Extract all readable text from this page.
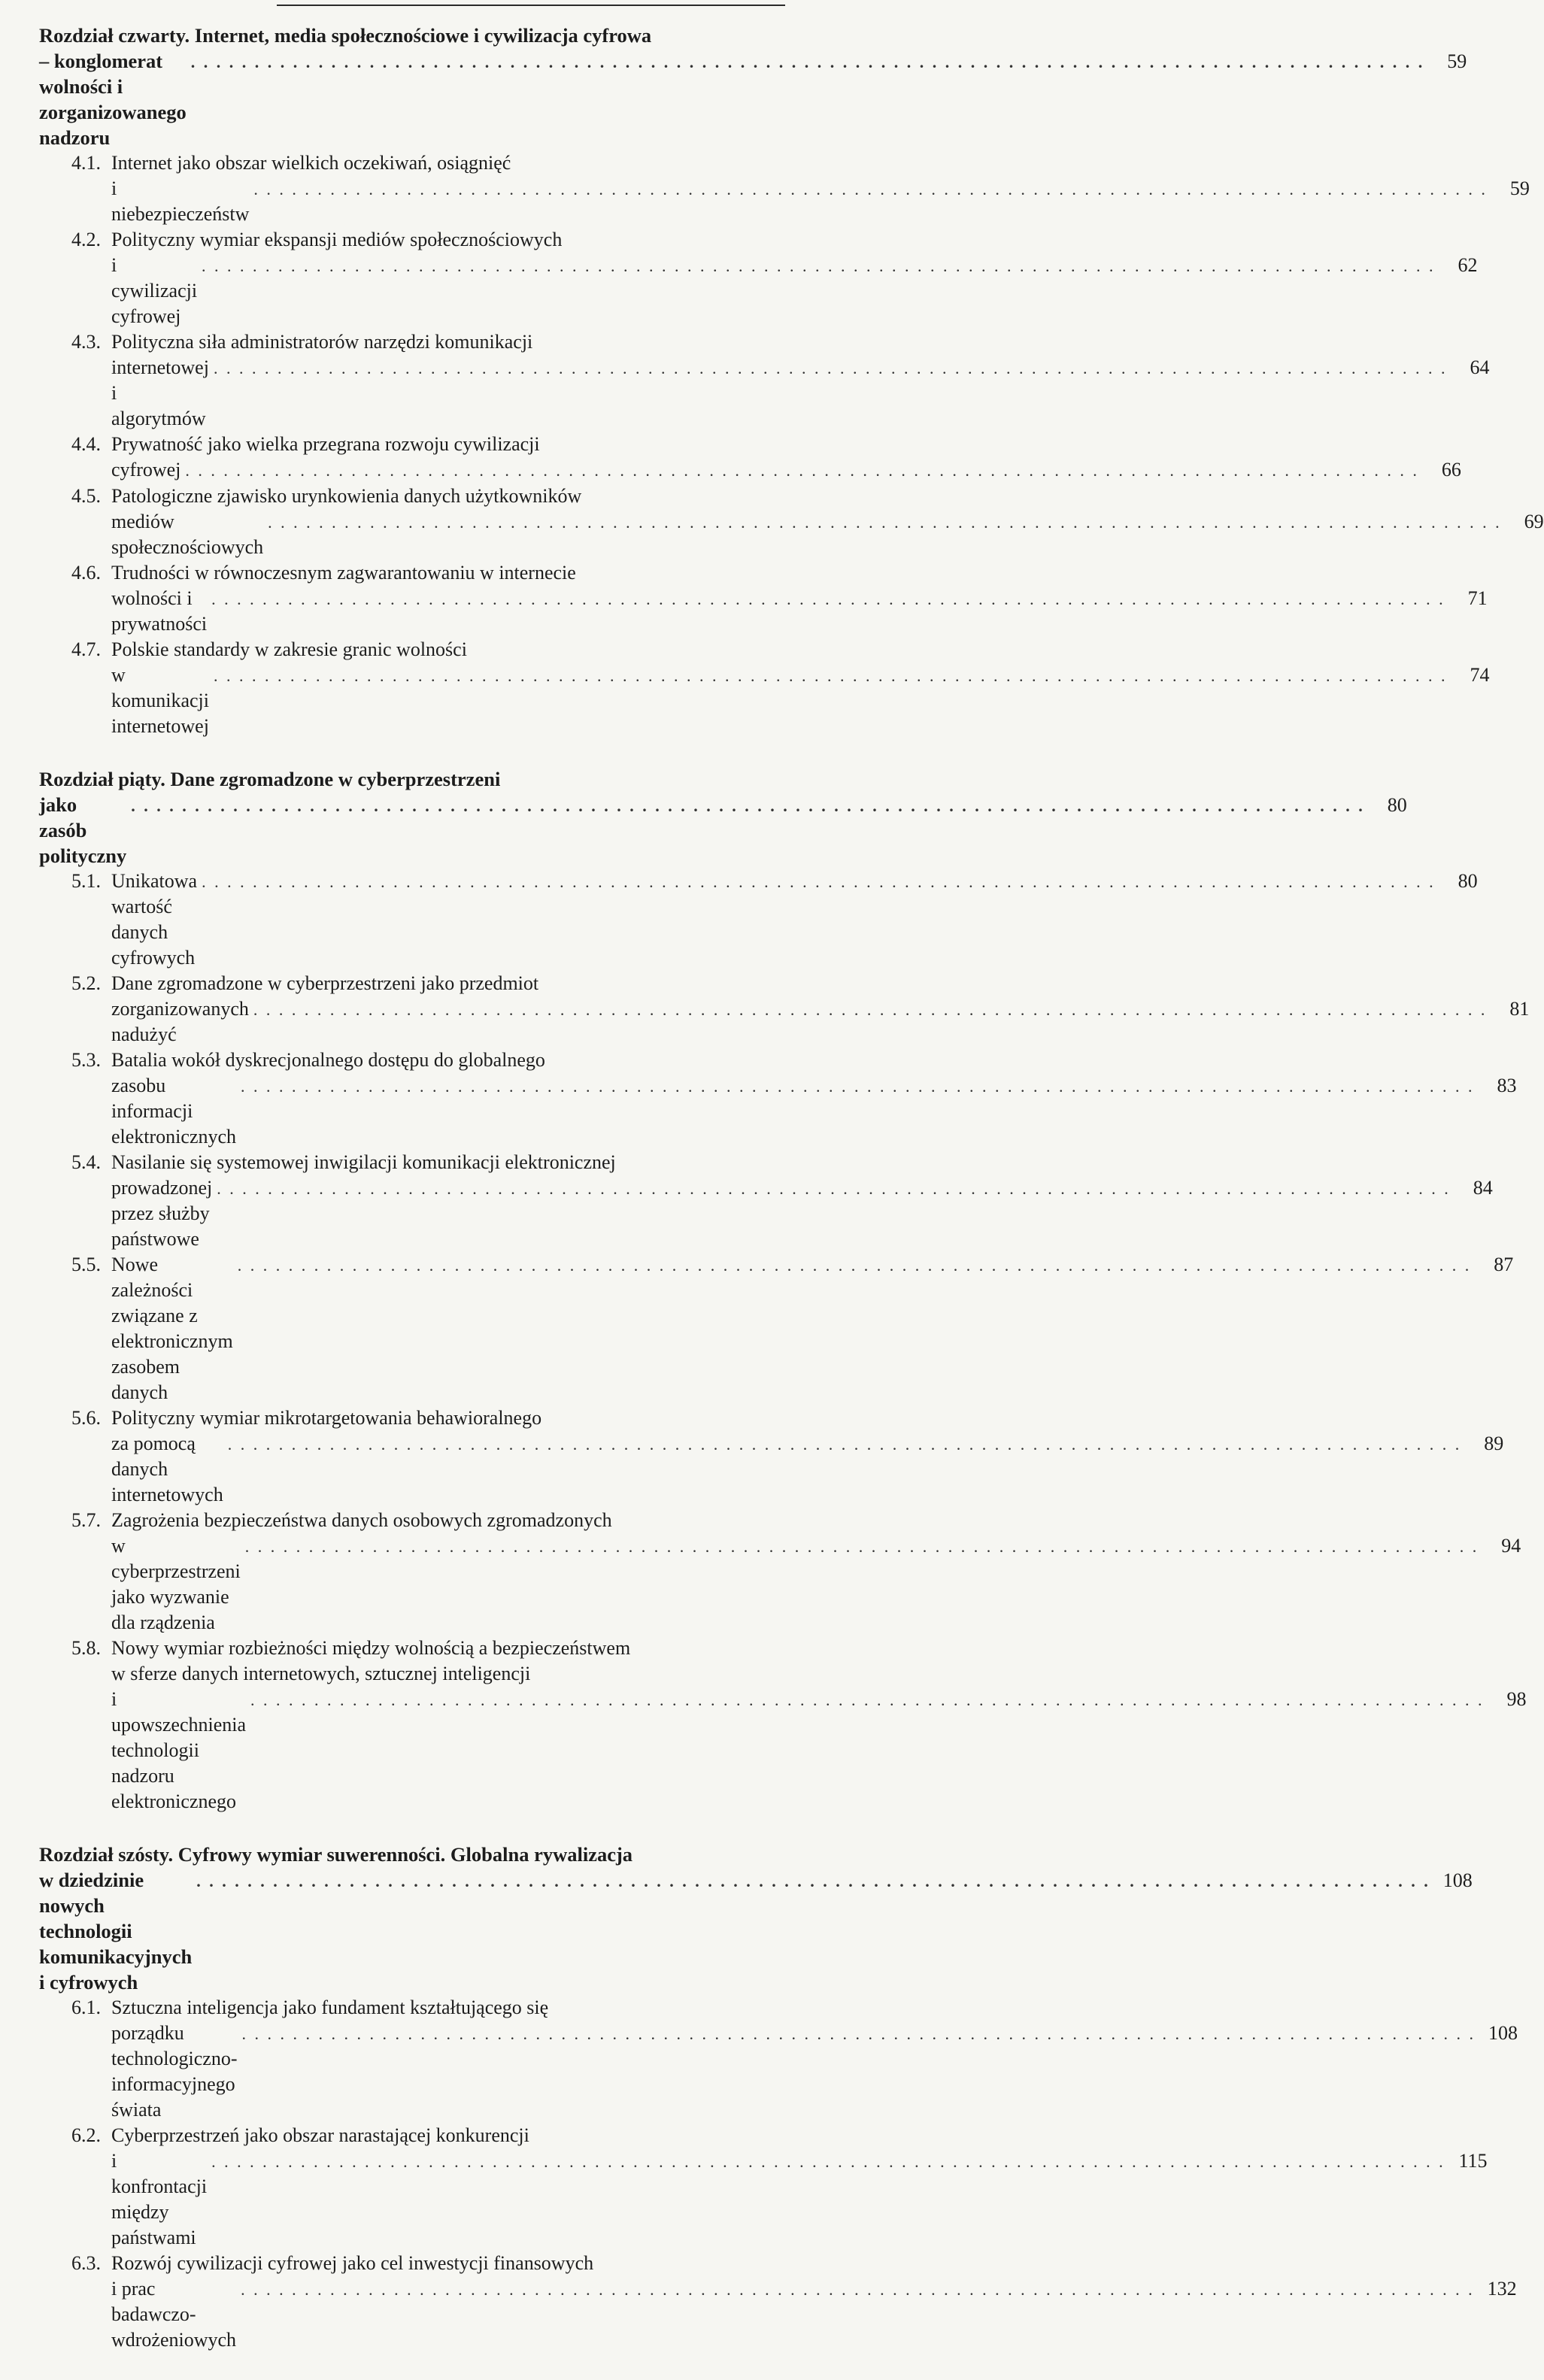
Rozdział czwarty. Internet, media społecznościowe i cywilizacja cyfrowa
– konglomerat wolności i zorganizowanego nadzoru
. . .
59
4.1. Internet jako obszar wielkich oczekiwań, osiągnięć
i niebezpieczeństw
. . .
59
4.2. Polityczny wymiar ekspansji mediów społecznościowych
i cywilizacji cyfrowej
. . .
62
4.3. Polityczna siła administratorów narzędzi komunikacji
internetowej i algorytmów
. . .
64
4.4. Prywatność jako wielka przegrana rozwoju cywilizacji
cyfrowej
. . .	66
4.5. Patologiczne zjawisko urynkowienia danych użytkowników
mediów społecznościowych
. . .
69
4.6. Trudności w równoczesnym zagwarantowaniu w internecie
wolności i prywatności
. . .
71
4.7. Polskie standardy w zakresie granic wolności
w komunikacji internetowej
. . .
74
Rozdział piąty. Dane zgromadzone w cyberprzestrzeni
jako zasób polityczny
. . .
80
5.1. Unikatowa wartość danych cyfrowych
. . .
80
5.2. Dane zgromadzone w cyberprzestrzeni jako przedmiot
zorganizowanych nadużyć
. . .
81
5.3. Batalia wokół dyskrecjonalnego dostępu do globalnego
zasobu informacji elektronicznych
. . .
83
5.4. Nasilanie się systemowej inwigilacji komunikacji elektronicznej
prowadzonej przez służby państwowe
. . .
84
5.5. Nowe zależności związane z elektronicznym zasobem danych
. . .
87
5.6. Polityczny wymiar mikrotargetowania behawioralnego
za pomocą danych internetowych
. . .
89
5.7. Zagrożenia bezpieczeństwa danych osobowych zgromadzonych
w cyberprzestrzeni jako wyzwanie dla rządzenia
. . .
94
5.8. Nowy wymiar rozbieżności między wolnością a bezpieczeństwem
w sferze danych internetowych, sztucznej inteligencji
i upowszechnienia technologii nadzoru elektronicznego
. . .
98
Rozdział szósty. Cyfrowy wymiar suwerenności. Globalna rywalizacja
w dziedzinie nowych technologii komunikacyjnych i cyfrowych
. . .
108
6.1. Sztuczna inteligencja jako fundament kształtującego się
porządku technologiczno-informacyjnego świata
. . .
108
6.2. Cyberprzestrzeń jako obszar narastającej konkurencji
i konfrontacji między państwami
. . .
115
6.3. Rozwój cywilizacji cyfrowej jako cel inwestycji finansowych
i prac badawczo-wdrożeniowych
. . .
132
